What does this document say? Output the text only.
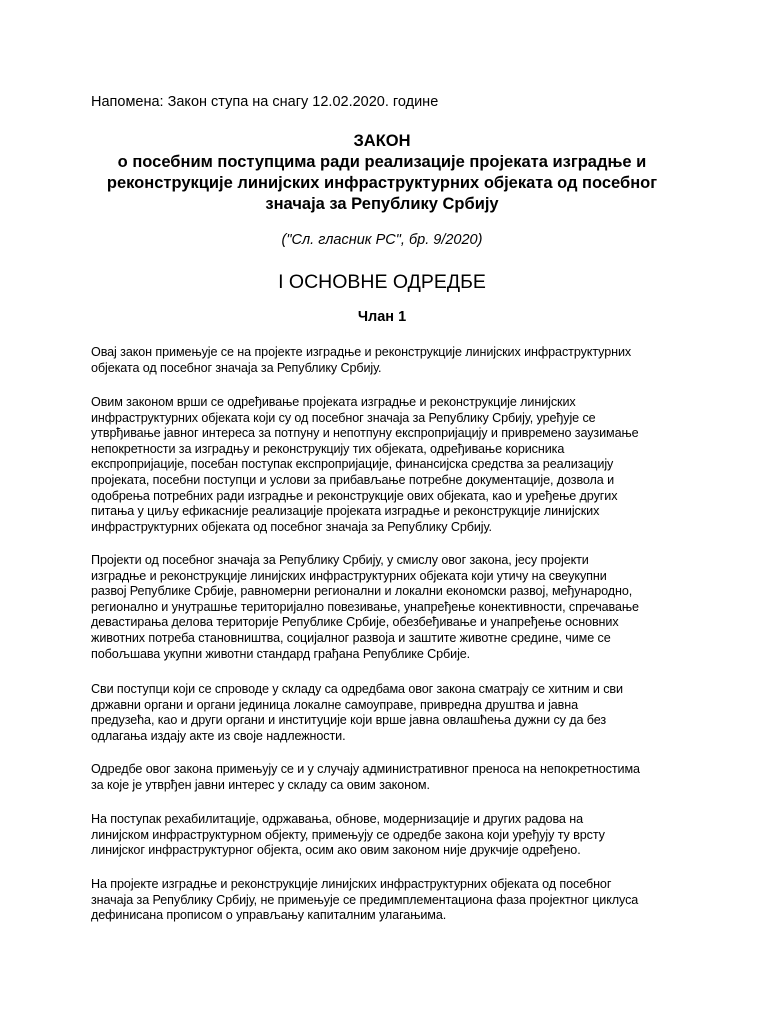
Напомена: Закон ступа на снагу 12.02.2020. године
ЗАКОН
о посебним поступцима ради реализације пројеката изградње и
реконструкције линијских инфраструктурних објеката од посебног
значаја за Републику Србију
("Сл. гласник РС", бр. 9/2020)
I ОСНОВНЕ ОДРЕДБЕ
Члан 1
Овај закон примењује се на пројекте изградње и реконструкције линијских инфраструктурних
објеката од посебног значаја за Републику Србију.
Овим законом врши се одређивање пројеката изградње и реконструкције линијских
инфраструктурних објеката који су од посебног значаја за Републику Србију, уређује се
утврђивање јавног интереса за потпуну и непотпуну експропријацију и привремено заузимање
непокретности за изградњу и реконструкцију тих објеката, одређивање корисника
експропријације, посебан поступак експропријације, финансијска средства за реализацију
пројеката, посебни поступци и услови за прибављање потребне документације, дозвола и
одобрења потребних ради изградње и реконструкције ових објеката, као и уређење других
питања у циљу ефикасније реализације пројеката изградње и реконструкције линијских
инфраструктурних објеката од посебног значаја за Републику Србију.
Пројекти од посебног значаја за Републику Србију, у смислу овог закона, јесу пројекти
изградње и реконструкције линијских инфраструктурних објеката који утичу на свеукупни
развој Републике Србије, равномерни регионални и локални економски развој, међународно,
регионално и унутрашње територијално повезивање, унапређење конективности, спречавање
девастирања делова територије Републике Србије, обезбеђивање и унапређење основних
животних потреба становништва, социјалног развоја и заштите животне средине, чиме се
побољшава укупни животни стандард грађана Републике Србије.
Сви поступци који се спроводе у складу са одредбама овог закона сматрају се хитним и сви
државни органи и органи јединица локалне самоуправе, привредна друштва и јавна
предузећа, као и други органи и институције који врше јавна овлашћења дужни су да без
одлагања издају акте из своје надлежности.
Одредбе овог закона примењују се и у случају административног преноса на непокретностима
за које је утврђен јавни интерес у складу са овим законом.
На поступак рехабилитације, одржавања, обнове, модернизације и других радова на
линијском инфраструктурном објекту, примењују се одредбе закона који уређују ту врсту
линијског инфраструктурног објекта, осим ако овим законом није друкчије одређено.
На пројекте изградње и реконструкције линијских инфраструктурних објеката од посебног
значаја за Републику Србију, не примењује се предимплементациона фаза пројектног циклуса
дефинисана прописом о управљању капиталним улагањима.
